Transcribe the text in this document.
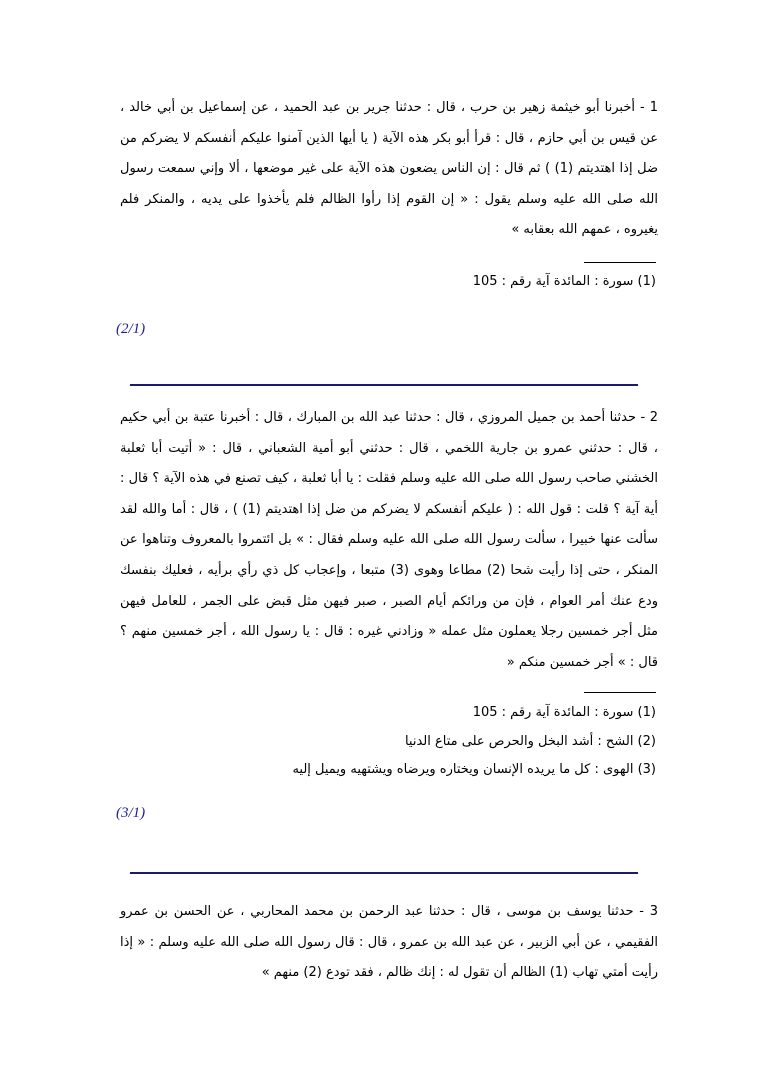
1 - أخبرنا أبو خيثمة زهير بن حرب ، قال : حدثنا جرير بن عبد الحميد ، عن إسماعيل بن أبي خالد ، عن قيس بن أبي حازم ، قال : قرأ أبو بكر هذه الآية ( يا أيها الذين آمنوا عليكم أنفسكم لا يضركم من ضل إذا اهتديتم (1) ) ثم قال : إن الناس يضعون هذه الآية على غير موضعها ، ألا وإني سمعت رسول الله صلى الله عليه وسلم يقول : « إن القوم إذا رأوا الظالم فلم يأخذوا على يديه ، والمنكر فلم يغيروه ، عمهم الله بعقابه »

(1) سورة : المائدة آية رقم : 105
(2/1)

2 - حدثنا أحمد بن جميل المروزي ، قال : حدثنا عبد الله بن المبارك ، قال : أخبرنا عتبة بن أبي حكيم ، قال : حدثني عمرو بن جارية اللخمي ، قال : حدثني أبو أمية الشعباني ، قال : « أتيت أبا ثعلبة الخشني صاحب رسول الله صلى الله عليه وسلم فقلت : يا أبا ثعلبة ، كيف تصنع في هذه الآية ؟ قال : أية آية ؟ قلت : قول الله : ( عليكم أنفسكم لا يضركم من ضل إذا اهتديتم (1) ) ، قال : أما والله لقد سألت عنها خبيرا ، سألت رسول الله صلى الله عليه وسلم فقال : » بل ائتمروا بالمعروف وتناهوا عن المنكر ، حتى إذا رأيت شحا (2) مطاعا وهوى (3) متبعا ، وإعجاب كل ذي رأي برأيه ، فعليك بنفسك ودع عنك أمر العوام ، فإن من ورائكم أيام الصبر ، صبر فيهن مثل قبض على الجمر ، للعامل فيهن مثل أجر خمسين رجلا يعملون مثل عمله « وزادني غيره : قال : يا رسول الله ، أجر خمسين منهم ؟ قال : » أجر خمسين منكم «

(1) سورة : المائدة آية رقم : 105
(2) الشح : أشد البخل والحرص على متاع الدنيا
(3) الهوى : كل ما يريده الإنسان ويختاره ويرضاه ويشتهيه ويميل إليه
(3/1)

3 - حدثنا يوسف بن موسى ، قال : حدثنا عبد الرحمن بن محمد المحاربي ، عن الحسن بن عمرو الفقيمي ، عن أبي الزبير ، عن عبد الله بن عمرو ، قال : قال رسول الله صلى الله عليه وسلم : « إذا رأيت أمتي تهاب (1) الظالم أن تقول له : إنك ظالم ، فقد تودع (2) منهم »
